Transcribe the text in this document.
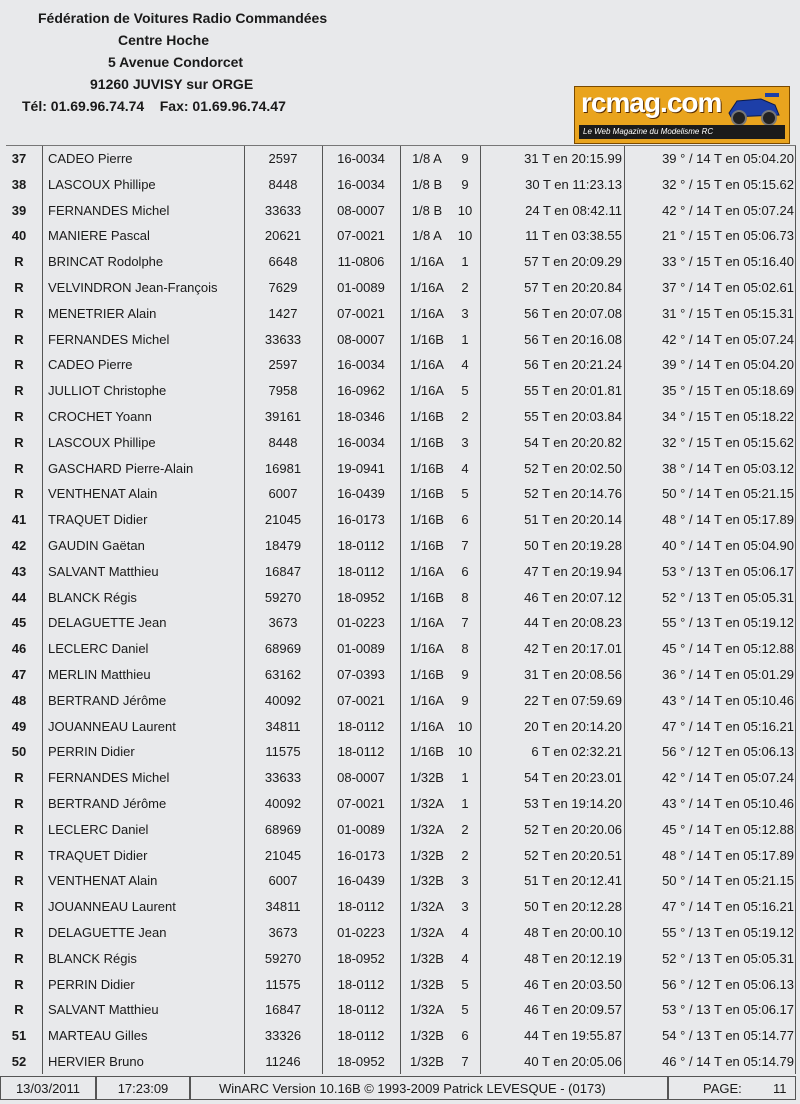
Fédération de Voitures Radio Commandées
Centre Hoche
5 Avenue Condorcet
91260 JUVISY sur ORGE
Tél: 01.69.96.74.74    Fax: 01.69.96.74.47	rcmag.com
Le Web Magazine du Modelisme RC
37 CADEO Pierre	2597	16-0034	1/8 A	9	31 T en 20:15.99	39 ° / 14 T en 05:04.20
38 LASCOUX Phillipe	8448	16-0034	1/8 B	9	30 T en 11:23.13	32 ° / 15 T en 05:15.62
39 FERNANDES Michel	33633	08-0007	1/8 B	10	24 T en 08:42.11	42 ° / 14 T en 05:07.24
40 MANIERE Pascal	20621	07-0021	1/8 A	10	11 T en 03:38.55	21 ° / 15 T en 05:06.73
R	BRINCAT Rodolphe	6648	11-0806	1/16A	1	57 T en 20:09.29	33 ° / 15 T en 05:16.40
R	VELVINDRON Jean-François	7629	01-0089	1/16A	2	57 T en 20:20.84	37 ° / 14 T en 05:02.61
R	MENETRIER Alain	1427	07-0021	1/16A	3	56 T en 20:07.08	31 ° / 15 T en 05:15.31
R	FERNANDES Michel	33633	08-0007	1/16B	1	56 T en 20:16.08	42 ° / 14 T en 05:07.24
R	CADEO Pierre	2597	16-0034	1/16A	4	56 T en 20:21.24	39 ° / 14 T en 05:04.20
R	JULLIOT Christophe	7958	16-0962	1/16A	5	55 T en 20:01.81	35 ° / 15 T en 05:18.69
R	CROCHET Yoann	39161	18-0346	1/16B	2	55 T en 20:03.84	34 ° / 15 T en 05:18.22
R	LASCOUX Phillipe	8448	16-0034	1/16B	3	54 T en 20:20.82	32 ° / 15 T en 05:15.62
R	GASCHARD Pierre-Alain	16981	19-0941	1/16B	4	52 T en 20:02.50	38 ° / 14 T en 05:03.12
R	VENTHENAT Alain	6007	16-0439	1/16B	5	52 T en 20:14.76	50 ° / 14 T en 05:21.15
41 TRAQUET Didier	21045	16-0173	1/16B	6	51 T en 20:20.14	48 ° / 14 T en 05:17.89
42 GAUDIN Gaëtan	18479	18-0112	1/16B	7	50 T en 20:19.28	40 ° / 14 T en 05:04.90
43 SALVANT Matthieu	16847	18-0112	1/16A	6	47 T en 20:19.94	53 ° / 13 T en 05:06.17
44 BLANCK Régis	59270	18-0952	1/16B	8	46 T en 20:07.12	52 ° / 13 T en 05:05.31
45 DELAGUETTE Jean	3673	01-0223	1/16A	7	44 T en 20:08.23	55 ° / 13 T en 05:19.12
46 LECLERC Daniel	68969	01-0089	1/16A	8	42 T en 20:17.01	45 ° / 14 T en 05:12.88
47 MERLIN Matthieu	63162	07-0393	1/16B	9	31 T en 20:08.56	36 ° / 14 T en 05:01.29
48 BERTRAND Jérôme	40092	07-0021	1/16A	9	22 T en 07:59.69	43 ° / 14 T en 05:10.46
49 JOUANNEAU Laurent	34811	18-0112	1/16A	10	20 T en 20:14.20	47 ° / 14 T en 05:16.21
50 PERRIN Didier	11575	18-0112	1/16B	10	6 T en 02:32.21	56 ° / 12 T en 05:06.13
R	FERNANDES Michel	33633	08-0007	1/32B	1	54 T en 20:23.01	42 ° / 14 T en 05:07.24
R	BERTRAND Jérôme	40092	07-0021	1/32A	1	53 T en 19:14.20	43 ° / 14 T en 05:10.46
R	LECLERC Daniel	68969	01-0089	1/32A	2	52 T en 20:20.06	45 ° / 14 T en 05:12.88
R	TRAQUET Didier	21045	16-0173	1/32B	2	52 T en 20:20.51	48 ° / 14 T en 05:17.89
R	VENTHENAT Alain	6007	16-0439	1/32B	3	51 T en 20:12.41	50 ° / 14 T en 05:21.15
R	JOUANNEAU Laurent	34811	18-0112	1/32A	3	50 T en 20:12.28	47 ° / 14 T en 05:16.21
R	DELAGUETTE Jean	3673	01-0223	1/32A	4	48 T en 20:00.10	55 ° / 13 T en 05:19.12
R	BLANCK Régis	59270	18-0952	1/32B	4	48 T en 20:12.19	52 ° / 13 T en 05:05.31
R	PERRIN Didier	11575	18-0112	1/32B	5	46 T en 20:03.50	56 ° / 12 T en 05:06.13
R	SALVANT Matthieu	16847	18-0112	1/32A	5	46 T en 20:09.57	53 ° / 13 T en 05:06.17
51 MARTEAU Gilles	33326	18-0112	1/32B	6	44 T en 19:55.87	54 ° / 13 T en 05:14.77
52 HERVIER Bruno	11246	18-0952	1/32B	7	40 T en 20:05.06	46 ° / 14 T en 05:14.79
13/03/2011	17:23:09	WinARC Version 10.16B © 1993-2009 Patrick LEVESQUE - (0173)	PAGE: 11
